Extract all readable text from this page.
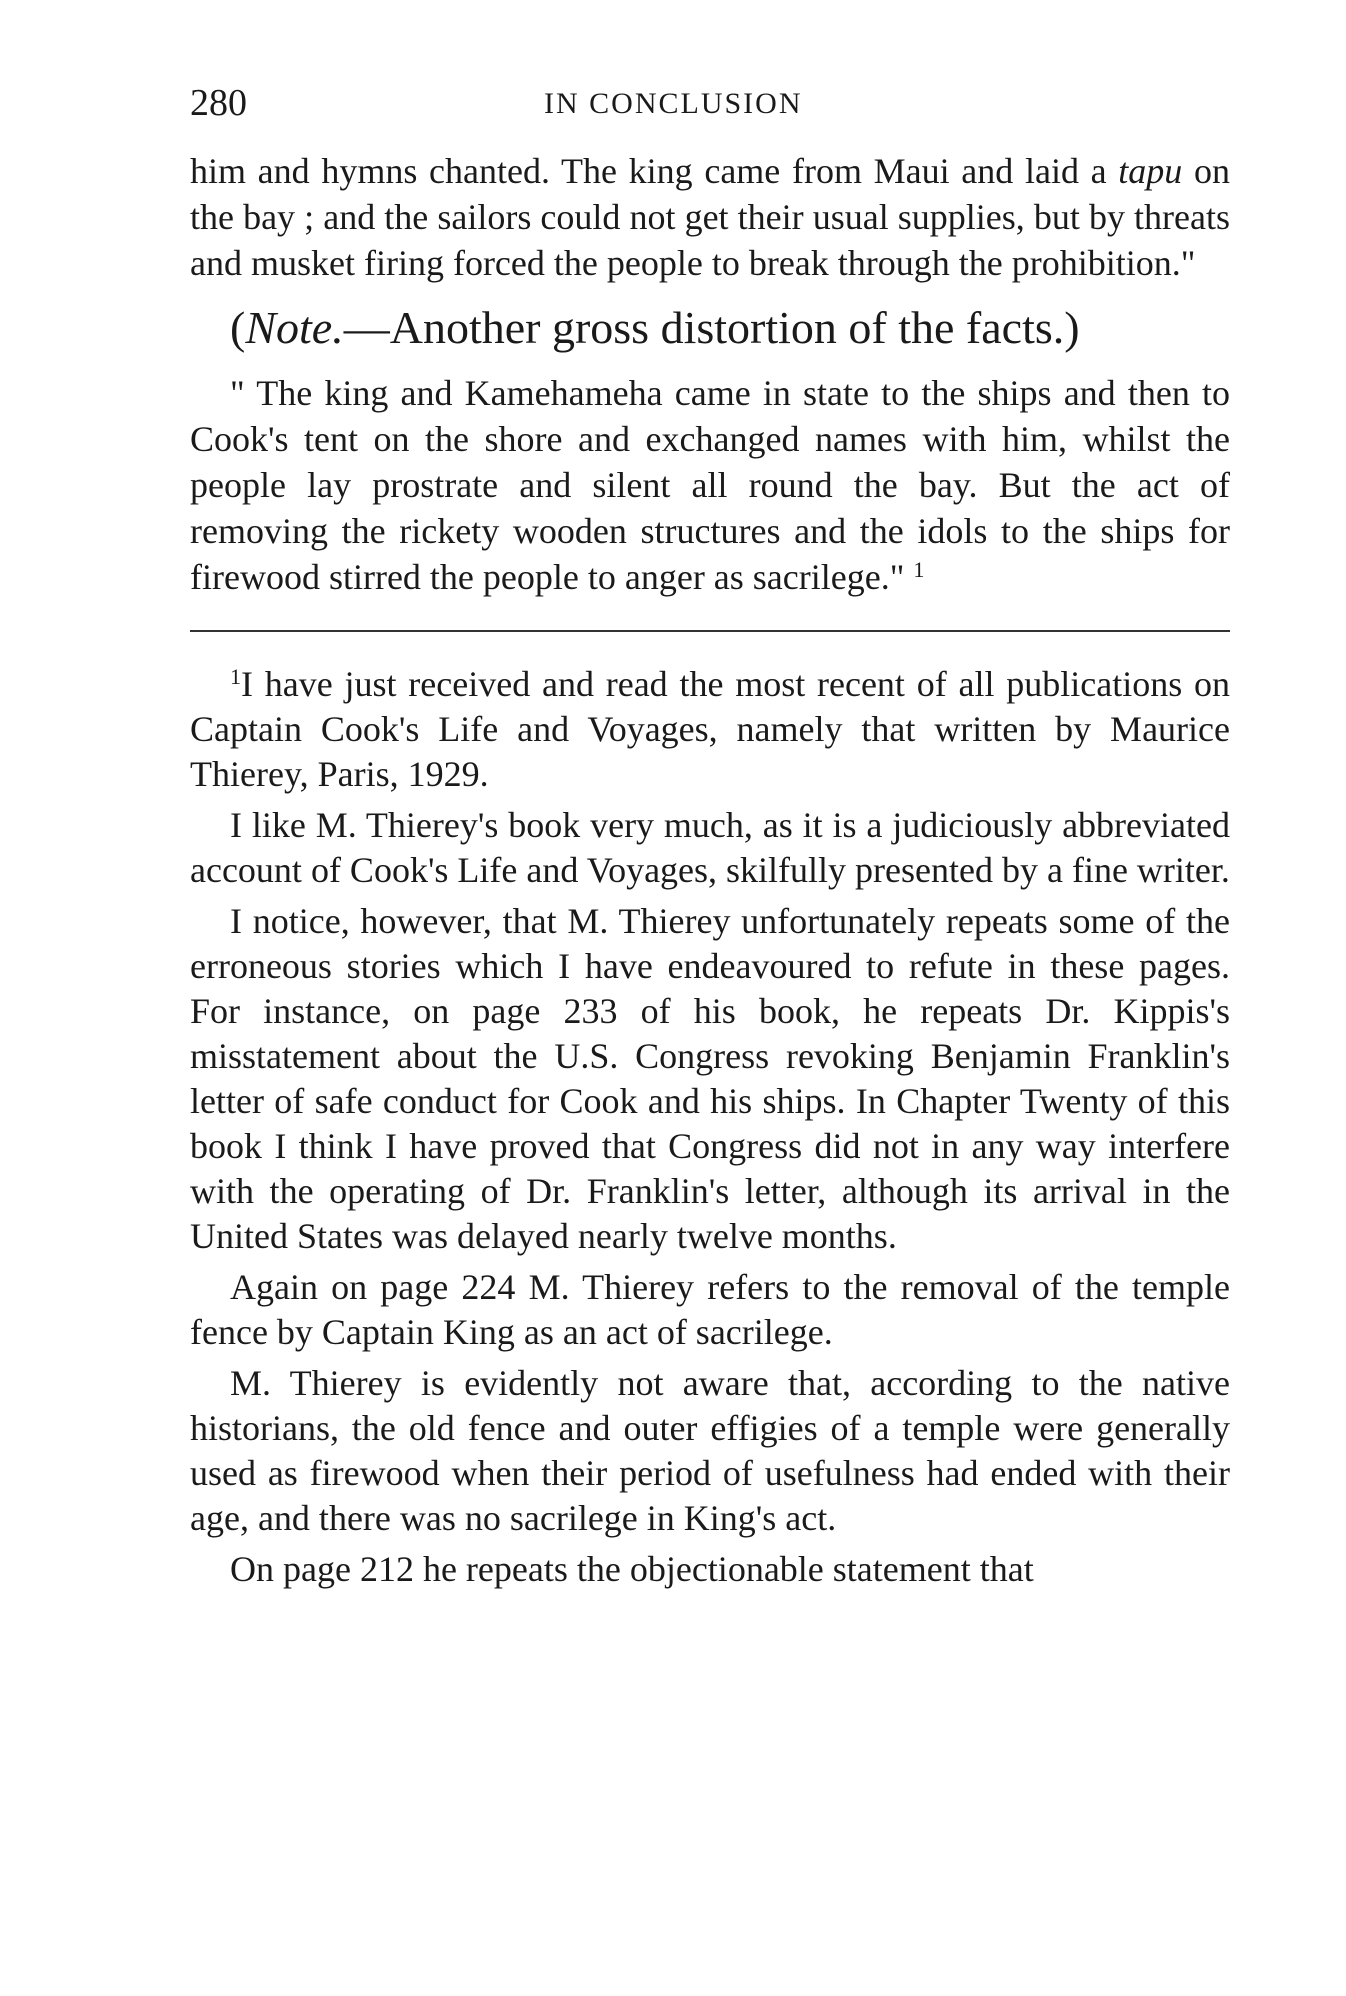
280	IN CONCLUSION

him and hymns chanted. The king came from Maui and laid a tapu on the bay ; and the sailors could not get their usual supplies, but by threats and musket firing forced the people to break through the prohibition."

(Note.—Another gross distortion of the facts.)

" The king and Kamehameha came in state to the ships and then to Cook's tent on the shore and exchanged names with him, whilst the people lay prostrate and silent all round the bay. But the act of removing the rickety wooden structures and the idols to the ships for firewood stirred the people to anger as sacrilege." $^1$

$^1$I have just received and read the most recent of all publications on Captain Cook's Life and Voyages, namely that written by Maurice Thierey, Paris, 1929.

I like M. Thierey's book very much, as it is a judiciously abbreviated account of Cook's Life and Voyages, skilfully presented by a fine writer.

I notice, however, that M. Thierey unfortunately repeats some of the erroneous stories which I have endeavoured to refute in these pages. For instance, on page 233 of his book, he repeats Dr. Kippis's misstatement about the U.S. Congress revoking Benjamin Franklin's letter of safe conduct for Cook and his ships. In Chapter Twenty of this book I think I have proved that Congress did not in any way interfere with the operating of Dr. Franklin's letter, although its arrival in the United States was delayed nearly twelve months.

Again on page 224 M. Thierey refers to the removal of the temple fence by Captain King as an act of sacrilege.

M. Thierey is evidently not aware that, according to the native historians, the old fence and outer effigies of a temple were generally used as firewood when their period of usefulness had ended with their age, and there was no sacrilege in King's act.

On page 212 he repeats the objectionable statement that
